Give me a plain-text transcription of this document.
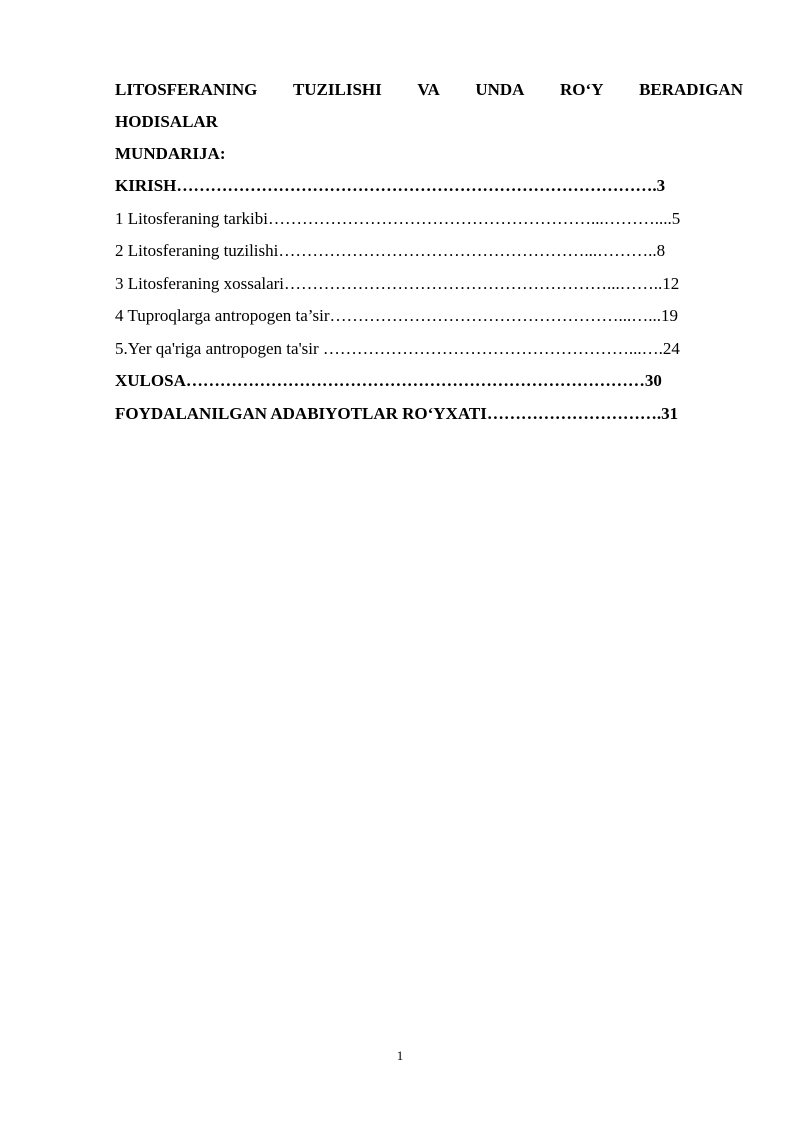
LITOSFERANING TUZILISHI VA UNDA RO‘Y BERADIGAN
HODISALAR
MUNDARIJA:
KIRISH………………………………………………………………………….3
1 Litosferaning tarkibi…………………………………………………...………....5
2 Litosferaning tuzilishi………………………………………………...………..8
3 Litosferaning xossalari…………………………………………………...……..12
4 Tuproqlarga antropogen ta’sir……………………………………………...…...19
5.Yer qa'riga antropogen ta'sir ………………………………………………...….24
XULOSA………………………………………………………………………30
FOYDALANILGAN ADABIYOTLAR RO‘YXATI………………………….31
1
